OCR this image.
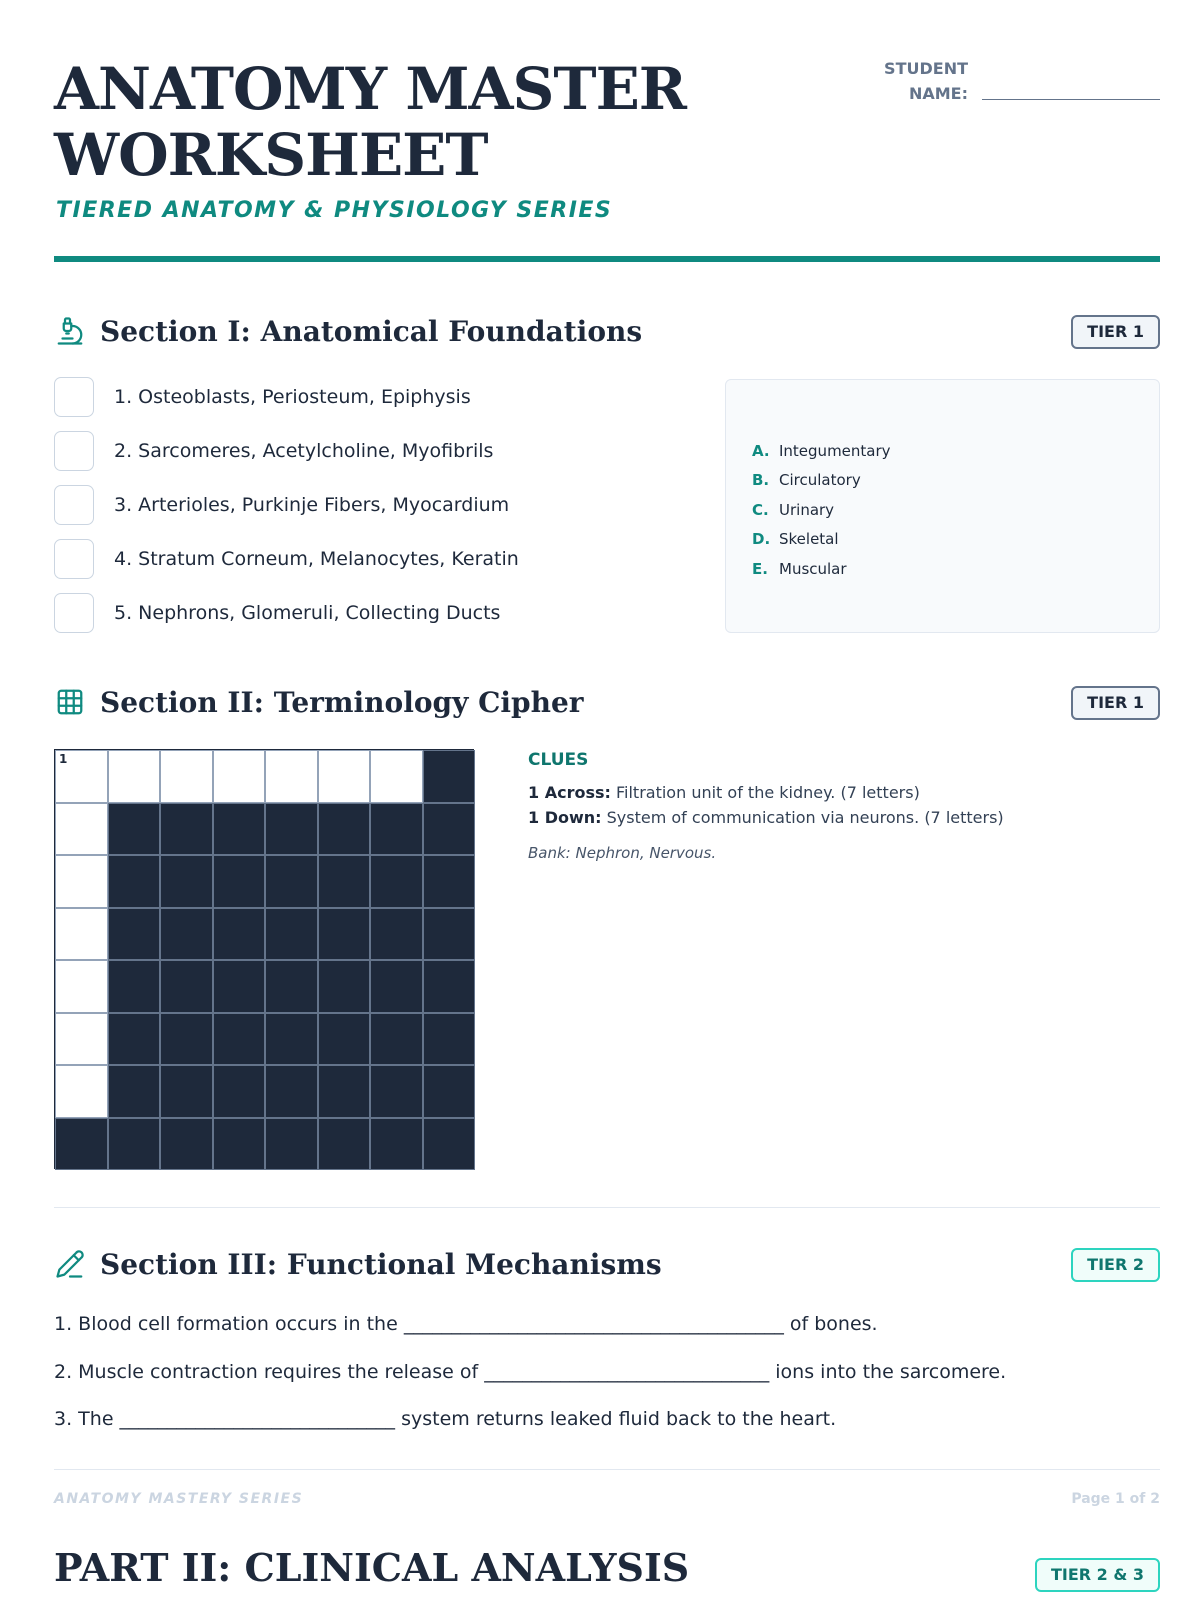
ANATOMY MASTER WORKSHEET
TIERED ANATOMY & PHYSIOLOGY SERIES
STUDENT NAME:
Section I: Anatomical Foundations	TIER 1
1. Osteoblasts, Periosteum, Epiphysis
2. Sarcomeres, Acetylcholine, Myofibrils
3. Arterioles, Purkinje Fibers, Myocardium
4. Stratum Corneum, Melanocytes, Keratin
5. Nephrons, Glomeruli, Collecting Ducts
A. Integumentary
B. Circulatory
C. Urinary
D. Skeletal
E. Muscular
Section II: Terminology Cipher	TIER 1
1	CLUES
1 Across: Filtration unit of the kidney. (7 letters)
1 Down: System of communication via neurons. (7 letters)
Bank: Nephron, Nervous.
Section III: Functional Mechanisms	TIER 2
1. Blood cell formation occurs in the ________________________________________ of bones.
2. Muscle contraction requires the release of ______________________________ ions into the sarcomere.
3. The _____________________________ system returns leaked fluid back to the heart.
ANATOMY MASTERY SERIES	Page 1 of 2
PART II: CLINICAL ANALYSIS	TIER 2 & 3
